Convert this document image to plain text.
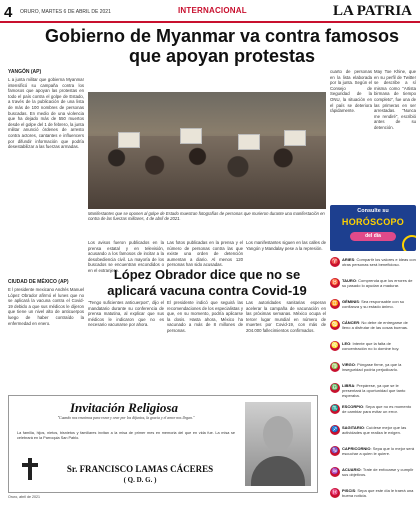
4 ORURO, MARTES 6 DE ABRIL DE 2021	INTERNACIONAL	LA PATRIA
Gobierno de Myanmar va contra famosos que apoyan protestas
YANGÓN (AP)
L a junta militar que gobierna Myanmar intensificó su campaña contra los famosos que apoyan las protestas en todo el país contra el golpe de Estado, a través de la publicación de una lista de más de 100 nombres de personas buscadas. En medio de una violencia que ha dejado más de 550 muertos desde el golpe del 1 de febrero, la junta militar anunció órdenes de arresto contra actores, cantantes e influencers por difundir información que podría desestabilizar a las fuerzas armadas.
cuarto de personas en la lista elaborada por la junta. Según el Consejo de Seguridad de la ONU, la situación en el país se deteriora rápidamente.
May Toe Khine, que en su perfil de Twitter se describe a sí misma como "Artista birmana de tiempo completo", fue una de las primeras en ser arrestadas. "Nunca me rendiré", escribió antes de su detención.
Los avisos fueron publicados en la prensa estatal y en televisión, acusando a los famosos de incitar a la desobediencia civil. La mayoría de los buscados se encuentran escondidos o en el extranjero.
Las fotos publicadas en la prensa y el número de personas contra las que existe una orden de detención aumentan a diario. Al menos 120 personas han sido acusadas.
Los manifestantes siguen en las calles de Yangón y Mandalay pese a la represión.
Manifestantes que se oponen al golpe de Estado muestran fotografías de personas que murieron durante una manifestación en contra de las fuerzas militares, 4 de abril de 2021.
Consulte su
HORÓSCOPO
del día
♈ ARIES: Compartir los valores e ideas con otras personas será beneficioso.
♉ TAURO: Comprenda que los errores de su pasado lo ayudan a madurar.
♊ GÉMINIS: Sea responsable con su confianza y su estado ánimo.
♋ CÁNCER: No debe de entregarse de lleno a disfrutar de las cosas buenas.
♌ LEO: Intente que la falta de concentración no lo domine hoy.
♍ VIRGO: Póngase firme, ya que la inseguridad podría perjudicarlo.
♎ LIBRA: Prepárese, ya que se le presentará la oportunidad que tanto esperaba.
♏ ESCORPIO: Sepa que no es momento de cambiar para evitar un error.
♐ SAGITARIO: Cuídese mejor que las actividades que realiza le exigen.
♑ CAPRICORNIO: Sepa que lo mejor será escuchar a quien le quiere.
♒ ACUARIO: Trate de enfocarse y cumplir sus objetivos.
♓ PISCIS: Sepa que este día le traerá una buena noticia.
CIUDAD DE MÉXICO (AP)	López Obrador dice que no se aplicará vacuna contra Covid-19
E l presidente mexicano Andrés Manuel López Obrador afirmó el lunes que no se aplicará la vacuna contra el Covid-19 debido a que sus médicos le dijeron que tiene un nivel alto de anticuerpos luego de haber contraído la enfermedad en enero.
"Tengo suficientes anticuerpos", dijo el mandatario durante su conferencia de prensa matutina, al explicar que sus médicos le indicaron que no es necesario vacunarse por ahora.
El presidente indicó que seguirá las recomendaciones de los especialistas y que, en su momento, podría aplicarse la dosis. Hasta ahora, México ha vacunado a más de 8 millones de personas.
Las autoridades sanitarias esperan acelerar la campaña de vacunación en las próximas semanas. México ocupa el tercer lugar mundial en número de muertes por Covid-19, con más de 204.000 fallecimientos confirmados.
Invitación Religiosa
"Cuando nos reunimos para rezar y orar por los difuntos, la gracia y el amor nos llegan."
La familia, hijos, nietos, bisnietos y familiares invitan a la misa de primer mes en memoria del que en vida fue. La misa se celebrará en la Parroquia San Pablo.
Sr. FRANCISCO LAMAS CÁCERES
( Q. D. G. )
Oruro, abril de 2021
